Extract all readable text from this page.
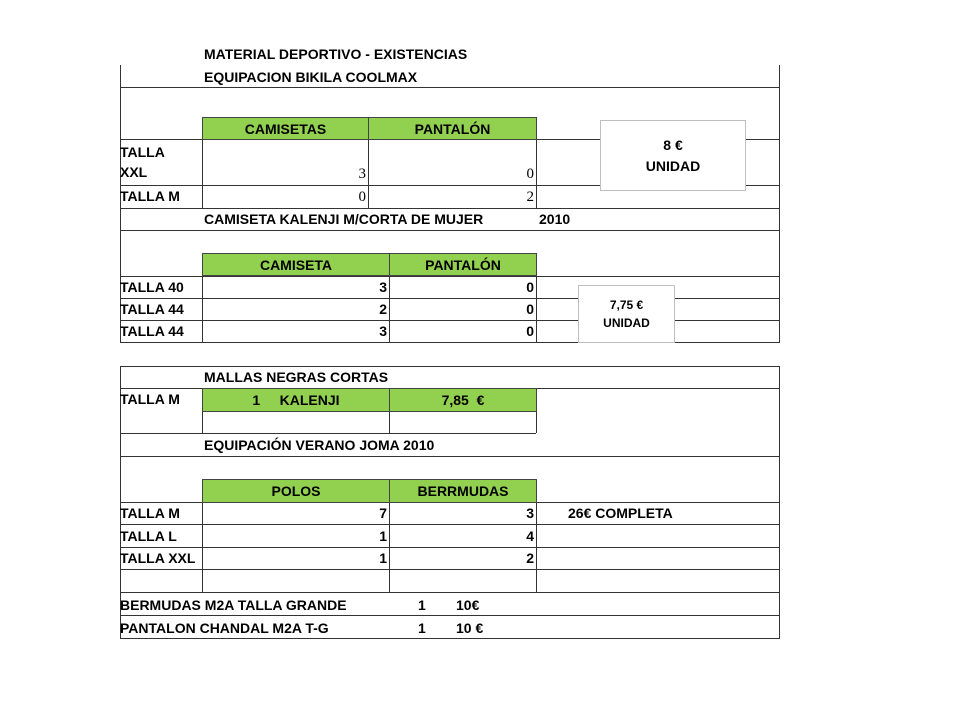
MATERIAL DEPORTIVO - EXISTENCIAS
EQUIPACION BIKILA COOLMAX
CAMISETAS	PANTALÓN
TALLA
XXL	3	0
TALLA M	0	2
8 €
UNIDAD
CAMISETA KALENJI M/CORTA DE MUJER	2010
CAMISETA	PANTALÓN
TALLA 40	3	0
TALLA 44	2	0
TALLA 44	3	0
7,75 €
UNIDAD
MALLAS NEGRAS CORTAS
TALLA M	1     KALENJI	7,85  €
EQUIPACIÓN VERANO JOMA 2010
POLOS	BERRMUDAS
TALLA M	7	3 26€ COMPLETA
TALLA L	1	4
TALLA XXL	1	2
BERMUDAS M2A TALLA GRANDE	1 10€
PANTALON CHANDAL M2A T-G	1 10 €
